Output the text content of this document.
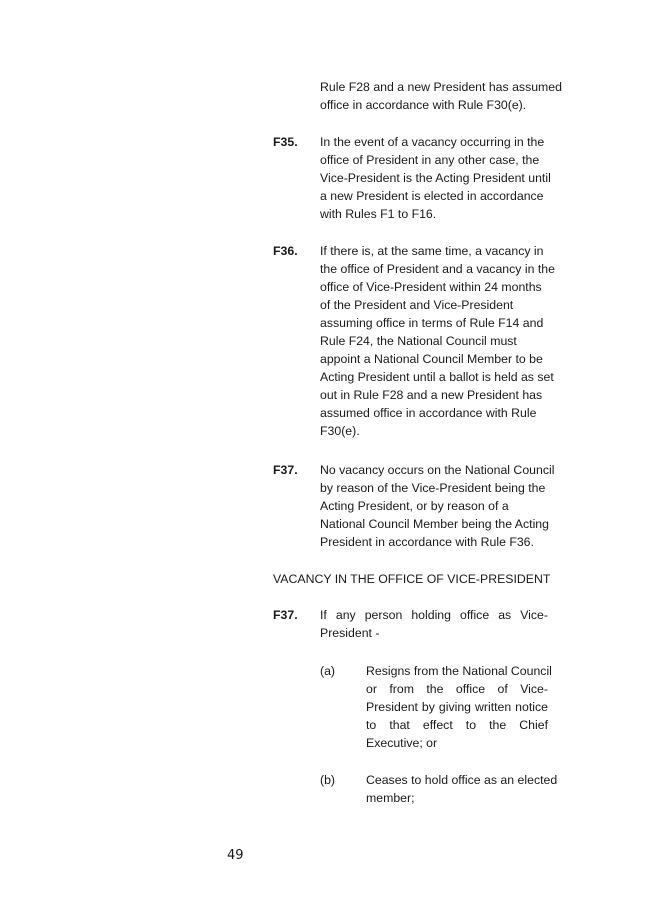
Rule F28 and a new President has assumed
office in accordance with Rule F30(e).
F35. In the event of a vacancy occurring in the
office of President in any other case, the
Vice-President is the Acting President until
a new President is elected in accordance
with Rules F1 to F16.
F36. If there is, at the same time, a vacancy in
the office of President and a vacancy in the
office of Vice-President within 24 months
of the President and Vice-President
assuming office in terms of Rule F14 and
Rule F24, the National Council must
appoint a National Council Member to be
Acting President until a ballot is held as set
out in Rule F28 and a new President has
assumed office in accordance with Rule
F30(e).
F37. No vacancy occurs on the National Council
by reason of the Vice-President being the
Acting President, or by reason of a
National Council Member being the Acting
President in accordance with Rule F36.
VACANCY IN THE OFFICE OF VICE-PRESIDENT
F37. If any person holding office as Vice-
President -
(a)	Resigns from the National Council
or from the office of Vice-
President by giving written notice
to that effect to the Chief
Executive; or
(b)	Ceases to hold office as an elected
member;
49
